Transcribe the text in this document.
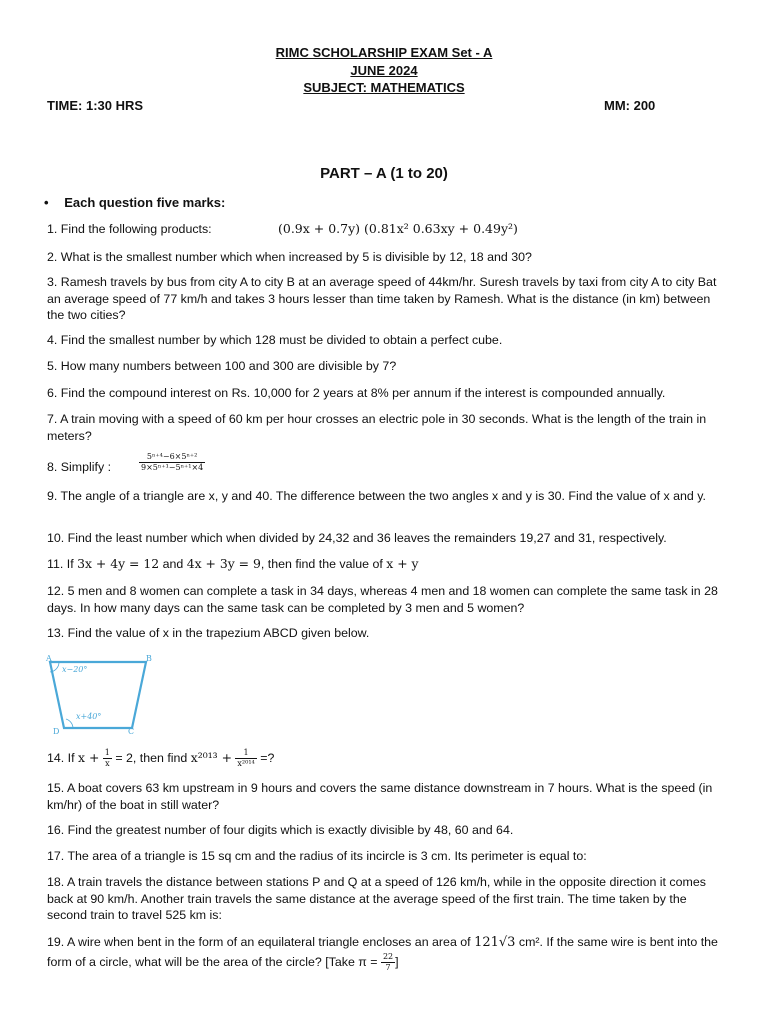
RIMC SCHOLARSHIP EXAM Set - A
JUNE 2024
SUBJECT: MATHEMATICS
TIME: 1:30 HRS	MM: 200
PART – A (1 to 20)
• Each question five marks:
1. Find the following products:	(0.9x + 0.7y) (0.81x² 0.63xy + 0.49y²)
2. What is the smallest number which when increased by 5 is divisible by 12, 18 and 30?
3. Ramesh travels by bus from city A to city B at an average speed of 44km/hr. Suresh travels by taxi from city A to city Bat an average speed of 77 km/h and takes 3 hours lesser than time taken by Ramesh. What is the distance (in km) between the two cities?
4. Find the smallest number by which 128 must be divided to obtain a perfect cube.
5. How many numbers between 100 and 300 are divisible by 7?
6. Find the compound interest on Rs. 10,000 for 2 years at 8% per annum if the interest is compounded annually.
7. A train moving with a speed of 60 km per hour crosses an electric pole in 30 seconds. What is the length of the train in meters?
8. Simplify :	$\frac{\text{5ⁿ⁺⁴−6×5ⁿ⁺²}}{\text{9×5ⁿ⁺¹−5ⁿ⁺¹×4}}$
9. The angle of a triangle are x, y and 40. The difference between the two angles x and y is 30. Find the value of x and y.
10. Find the least number which when divided by 24,32 and 36 leaves the remainders 19,27 and 31, respectively.
11. If 3x + 4y = 12 and 4x + 3y = 9, then find the value of x + y
12. 5 men and 8 women can complete a task in 34 days, whereas 4 men and 18 women can complete the same task in 28 days. In how many days can the same task can be completed by 3 men and 5 women?
13. Find the value of x in the trapezium ABCD given below.
A	B
C
D
x−20°
x+40°
14. If $x + \frac{1}{x} = 2$, then find $x^{2013} + \frac{1}{\text{x²⁰¹⁴}}$ =?
15. A boat covers 63 km upstream in 9 hours and covers the same distance downstream in 7 hours. What is the speed (in km/hr) of the boat in still water?
16. Find the greatest number of four digits which is exactly divisible by 48, 60 and 64.
17. The area of a triangle is 15 sq cm and the radius of its incircle is 3 cm. Its perimeter is equal to:
18. A train travels the distance between stations P and Q at a speed of 126 km/h, while in the opposite direction it comes back at 90 km/h. Another train travels the same distance at the average speed of the first train. The time taken by the second train to travel 525 km is:
19. A wire when bent in the form of an equilateral triangle encloses an area of 121√3 cm². If the same wire is bent into the form of a circle, what will be the area of the circle? [Take $\pi = \frac{22}{7}$ ]
